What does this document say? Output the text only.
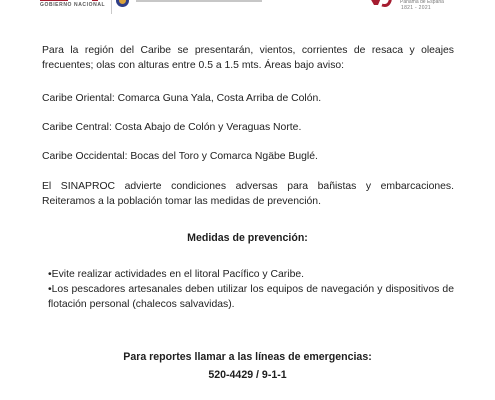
GOBIERNO NACIONAL	Panamá de España
1821 - 2021

Para la región del Caribe se presentarán, vientos, corrientes de resaca y oleajes frecuentes; olas con alturas entre 0.5 a 1.5 mts. Áreas bajo aviso:

Caribe Oriental: Comarca Guna Yala, Costa Arriba de Colón.

Caribe Central: Costa Abajo de Colón y Veraguas Norte.

Caribe Occidental: Bocas del Toro y Comarca Ngäbe Buglé.

El SINAPROC advierte condiciones adversas para bañistas y embarcaciones. Reiteramos a la población tomar las medidas de prevención.

Medidas de prevención:

•Evite realizar actividades en el litoral Pacífico y Caribe.

•Los pescadores artesanales deben utilizar los equipos de navegación y dispositivos de flotación personal (chalecos salvavidas).

Para reportes llamar a las líneas de emergencias:
520-4429 / 9-1-1
